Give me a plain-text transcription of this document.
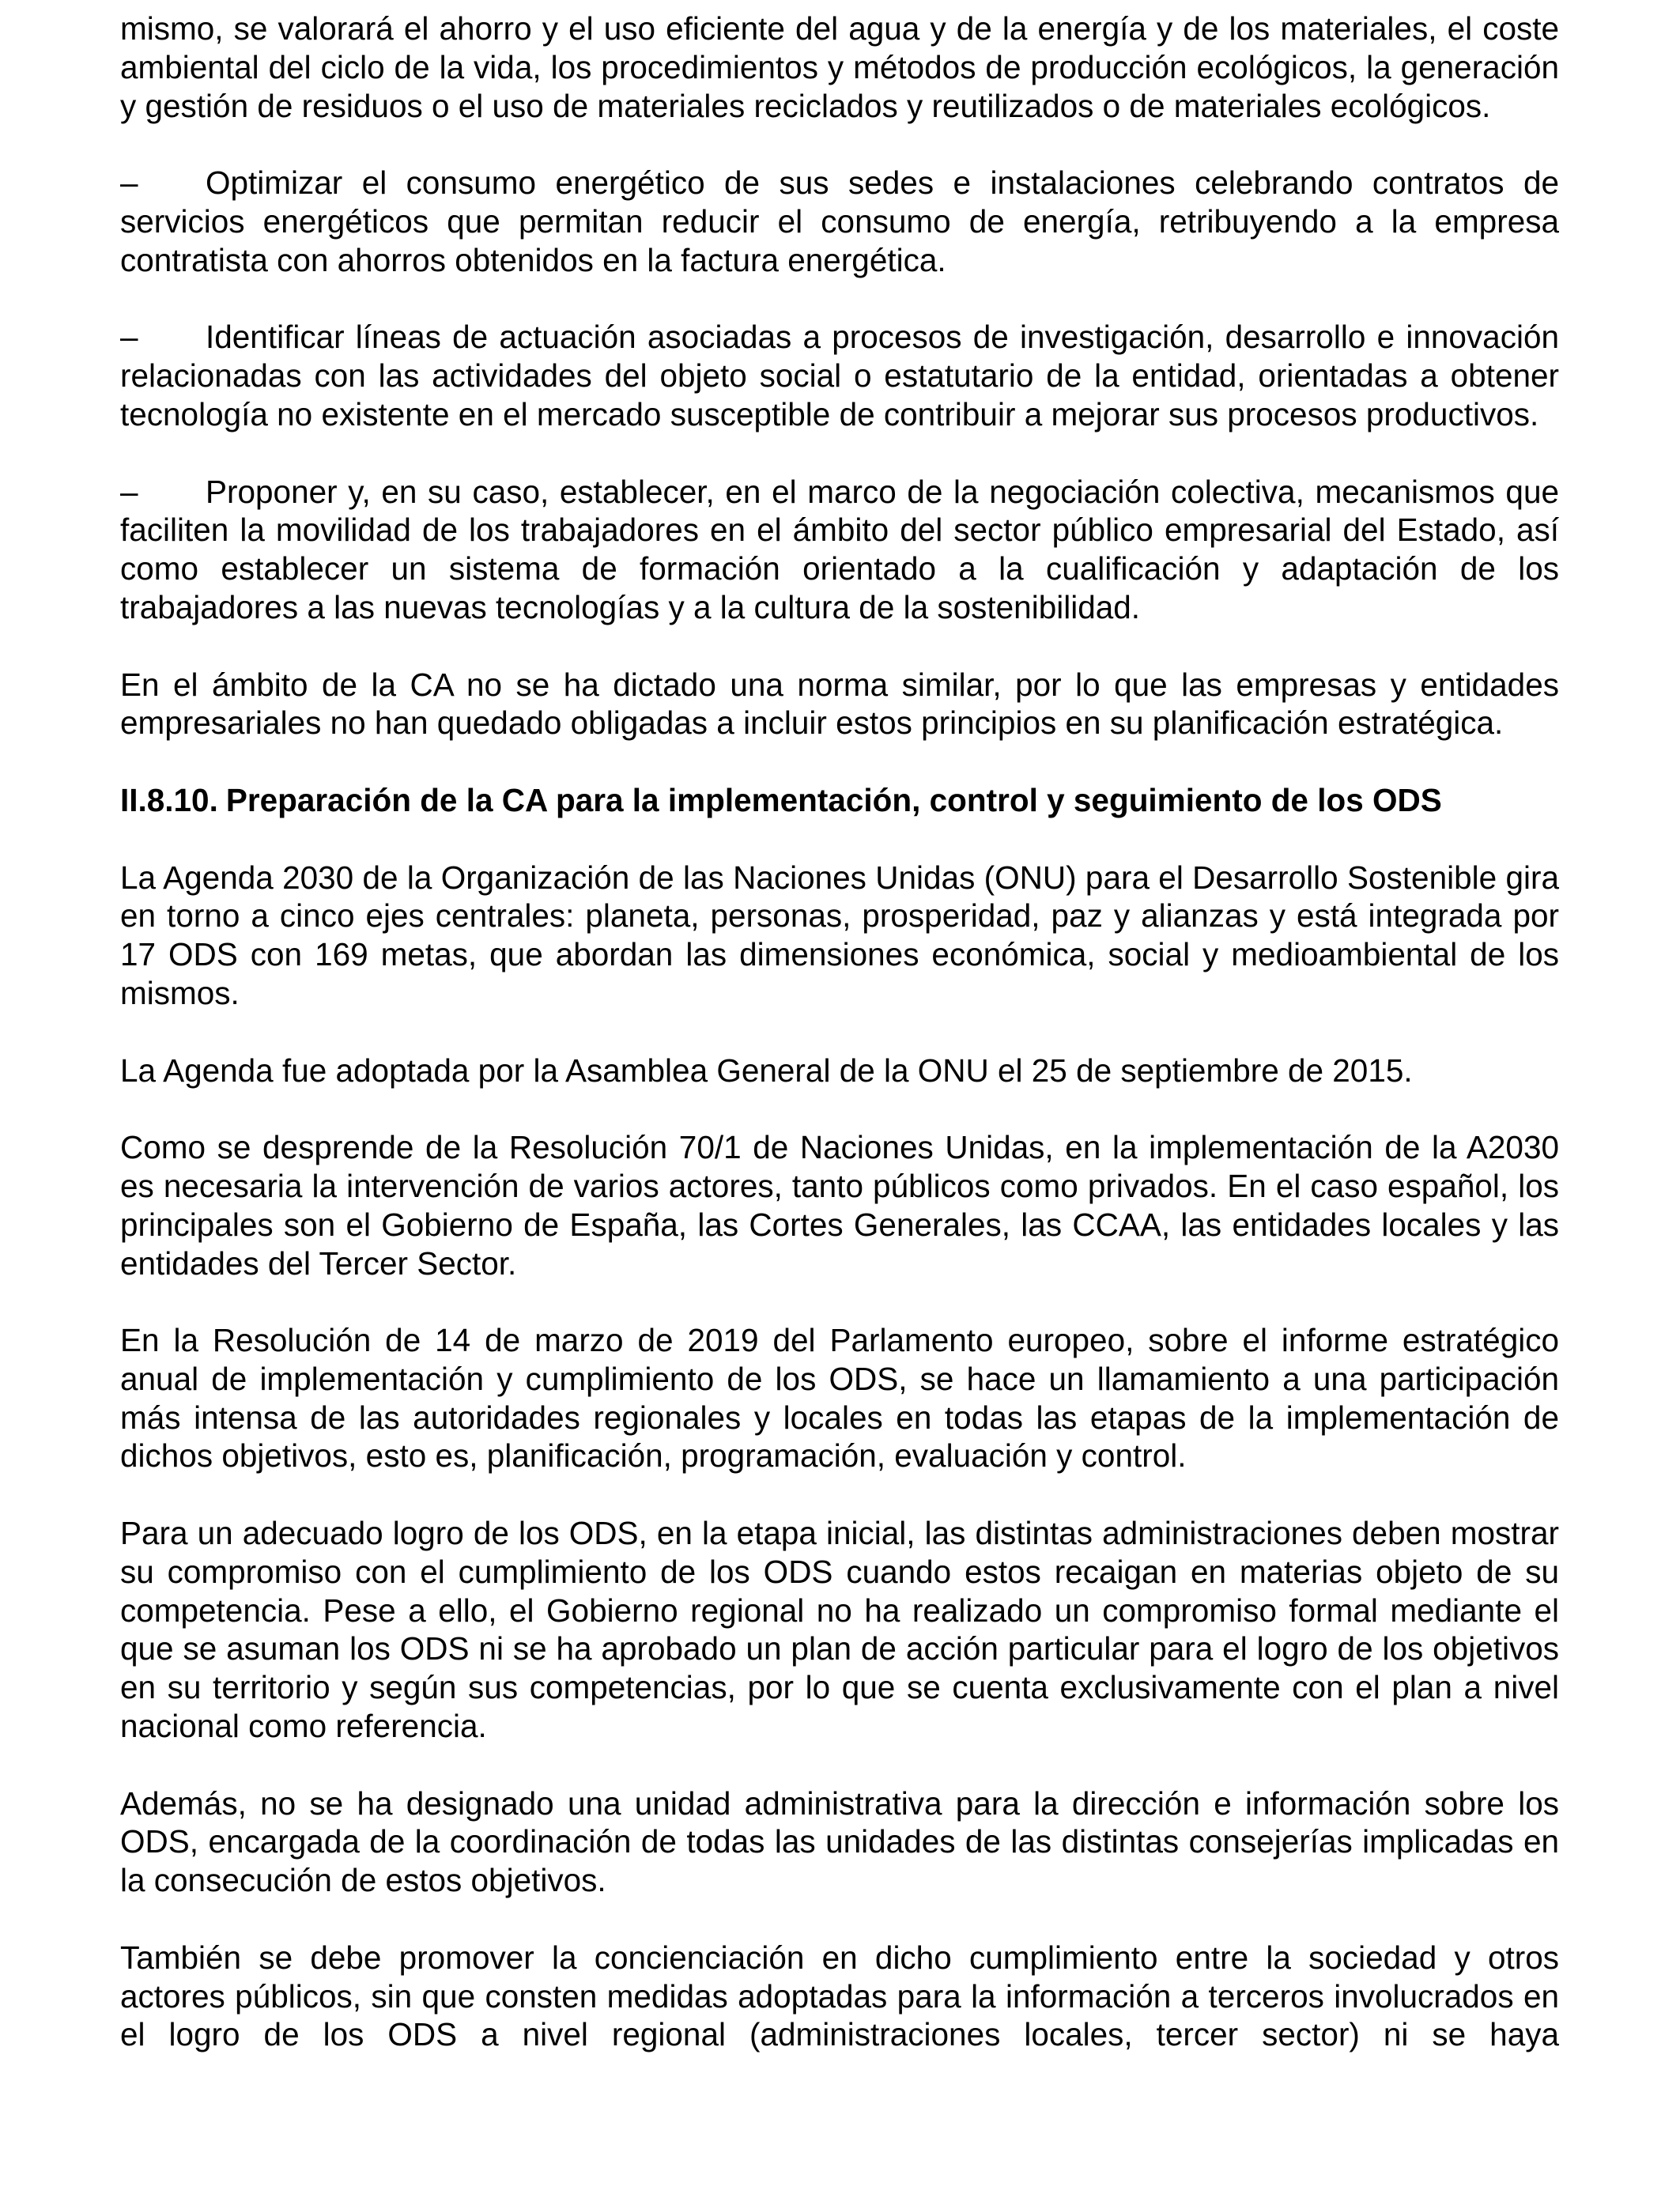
mismo, se valorará el ahorro y el uso eficiente del agua y de la energía y de los materiales, el coste ambiental del ciclo de la vida, los procedimientos y métodos de producción ecológicos, la generación y gestión de residuos o el uso de materiales reciclados y reutilizados o de materiales ecológicos.

– Optimizar el consumo energético de sus sedes e instalaciones celebrando contratos de servicios energéticos que permitan reducir el consumo de energía, retribuyendo a la empresa contratista con ahorros obtenidos en la factura energética.

– Identificar líneas de actuación asociadas a procesos de investigación, desarrollo e innovación relacionadas con las actividades del objeto social o estatutario de la entidad, orientadas a obtener tecnología no existente en el mercado susceptible de contribuir a mejorar sus procesos productivos.

– Proponer y, en su caso, establecer, en el marco de la negociación colectiva, mecanismos que faciliten la movilidad de los trabajadores en el ámbito del sector público empresarial del Estado, así como establecer un sistema de formación orientado a la cualificación y adaptación de los trabajadores a las nuevas tecnologías y a la cultura de la sostenibilidad.

En el ámbito de la CA no se ha dictado una norma similar, por lo que las empresas y entidades empresariales no han quedado obligadas a incluir estos principios en su planificación estratégica.

II.8.10. Preparación de la CA para la implementación, control y seguimiento de los ODS

La Agenda 2030 de la Organización de las Naciones Unidas (ONU) para el Desarrollo Sostenible gira en torno a cinco ejes centrales: planeta, personas, prosperidad, paz y alianzas y está integrada por 17 ODS con 169 metas, que abordan las dimensiones económica, social y medioambiental de los mismos.

La Agenda fue adoptada por la Asamblea General de la ONU el 25 de septiembre de 2015.

Como se desprende de la Resolución 70/1 de Naciones Unidas, en la implementación de la A2030 es necesaria la intervención de varios actores, tanto públicos como privados. En el caso español, los principales son el Gobierno de España, las Cortes Generales, las CCAA, las entidades locales y las entidades del Tercer Sector.

En la Resolución de 14 de marzo de 2019 del Parlamento europeo, sobre el informe estratégico anual de implementación y cumplimiento de los ODS, se hace un llamamiento a una participación más intensa de las autoridades regionales y locales en todas las etapas de la implementación de dichos objetivos, esto es, planificación, programación, evaluación y control.

Para un adecuado logro de los ODS, en la etapa inicial, las distintas administraciones deben mostrar su compromiso con el cumplimiento de los ODS cuando estos recaigan en materias objeto de su competencia. Pese a ello, el Gobierno regional no ha realizado un compromiso formal mediante el que se asuman los ODS ni se ha aprobado un plan de acción particular para el logro de los objetivos en su territorio y según sus competencias, por lo que se cuenta exclusivamente con el plan a nivel nacional como referencia.

Además, no se ha designado una unidad administrativa para la dirección e información sobre los ODS, encargada de la coordinación de todas las unidades de las distintas consejerías implicadas en la consecución de estos objetivos.

También se debe promover la concienciación en dicho cumplimiento entre la sociedad y otros actores públicos, sin que consten medidas adoptadas para la información a terceros involucrados en el logro de los ODS a nivel regional (administraciones locales, tercer sector) ni se haya
